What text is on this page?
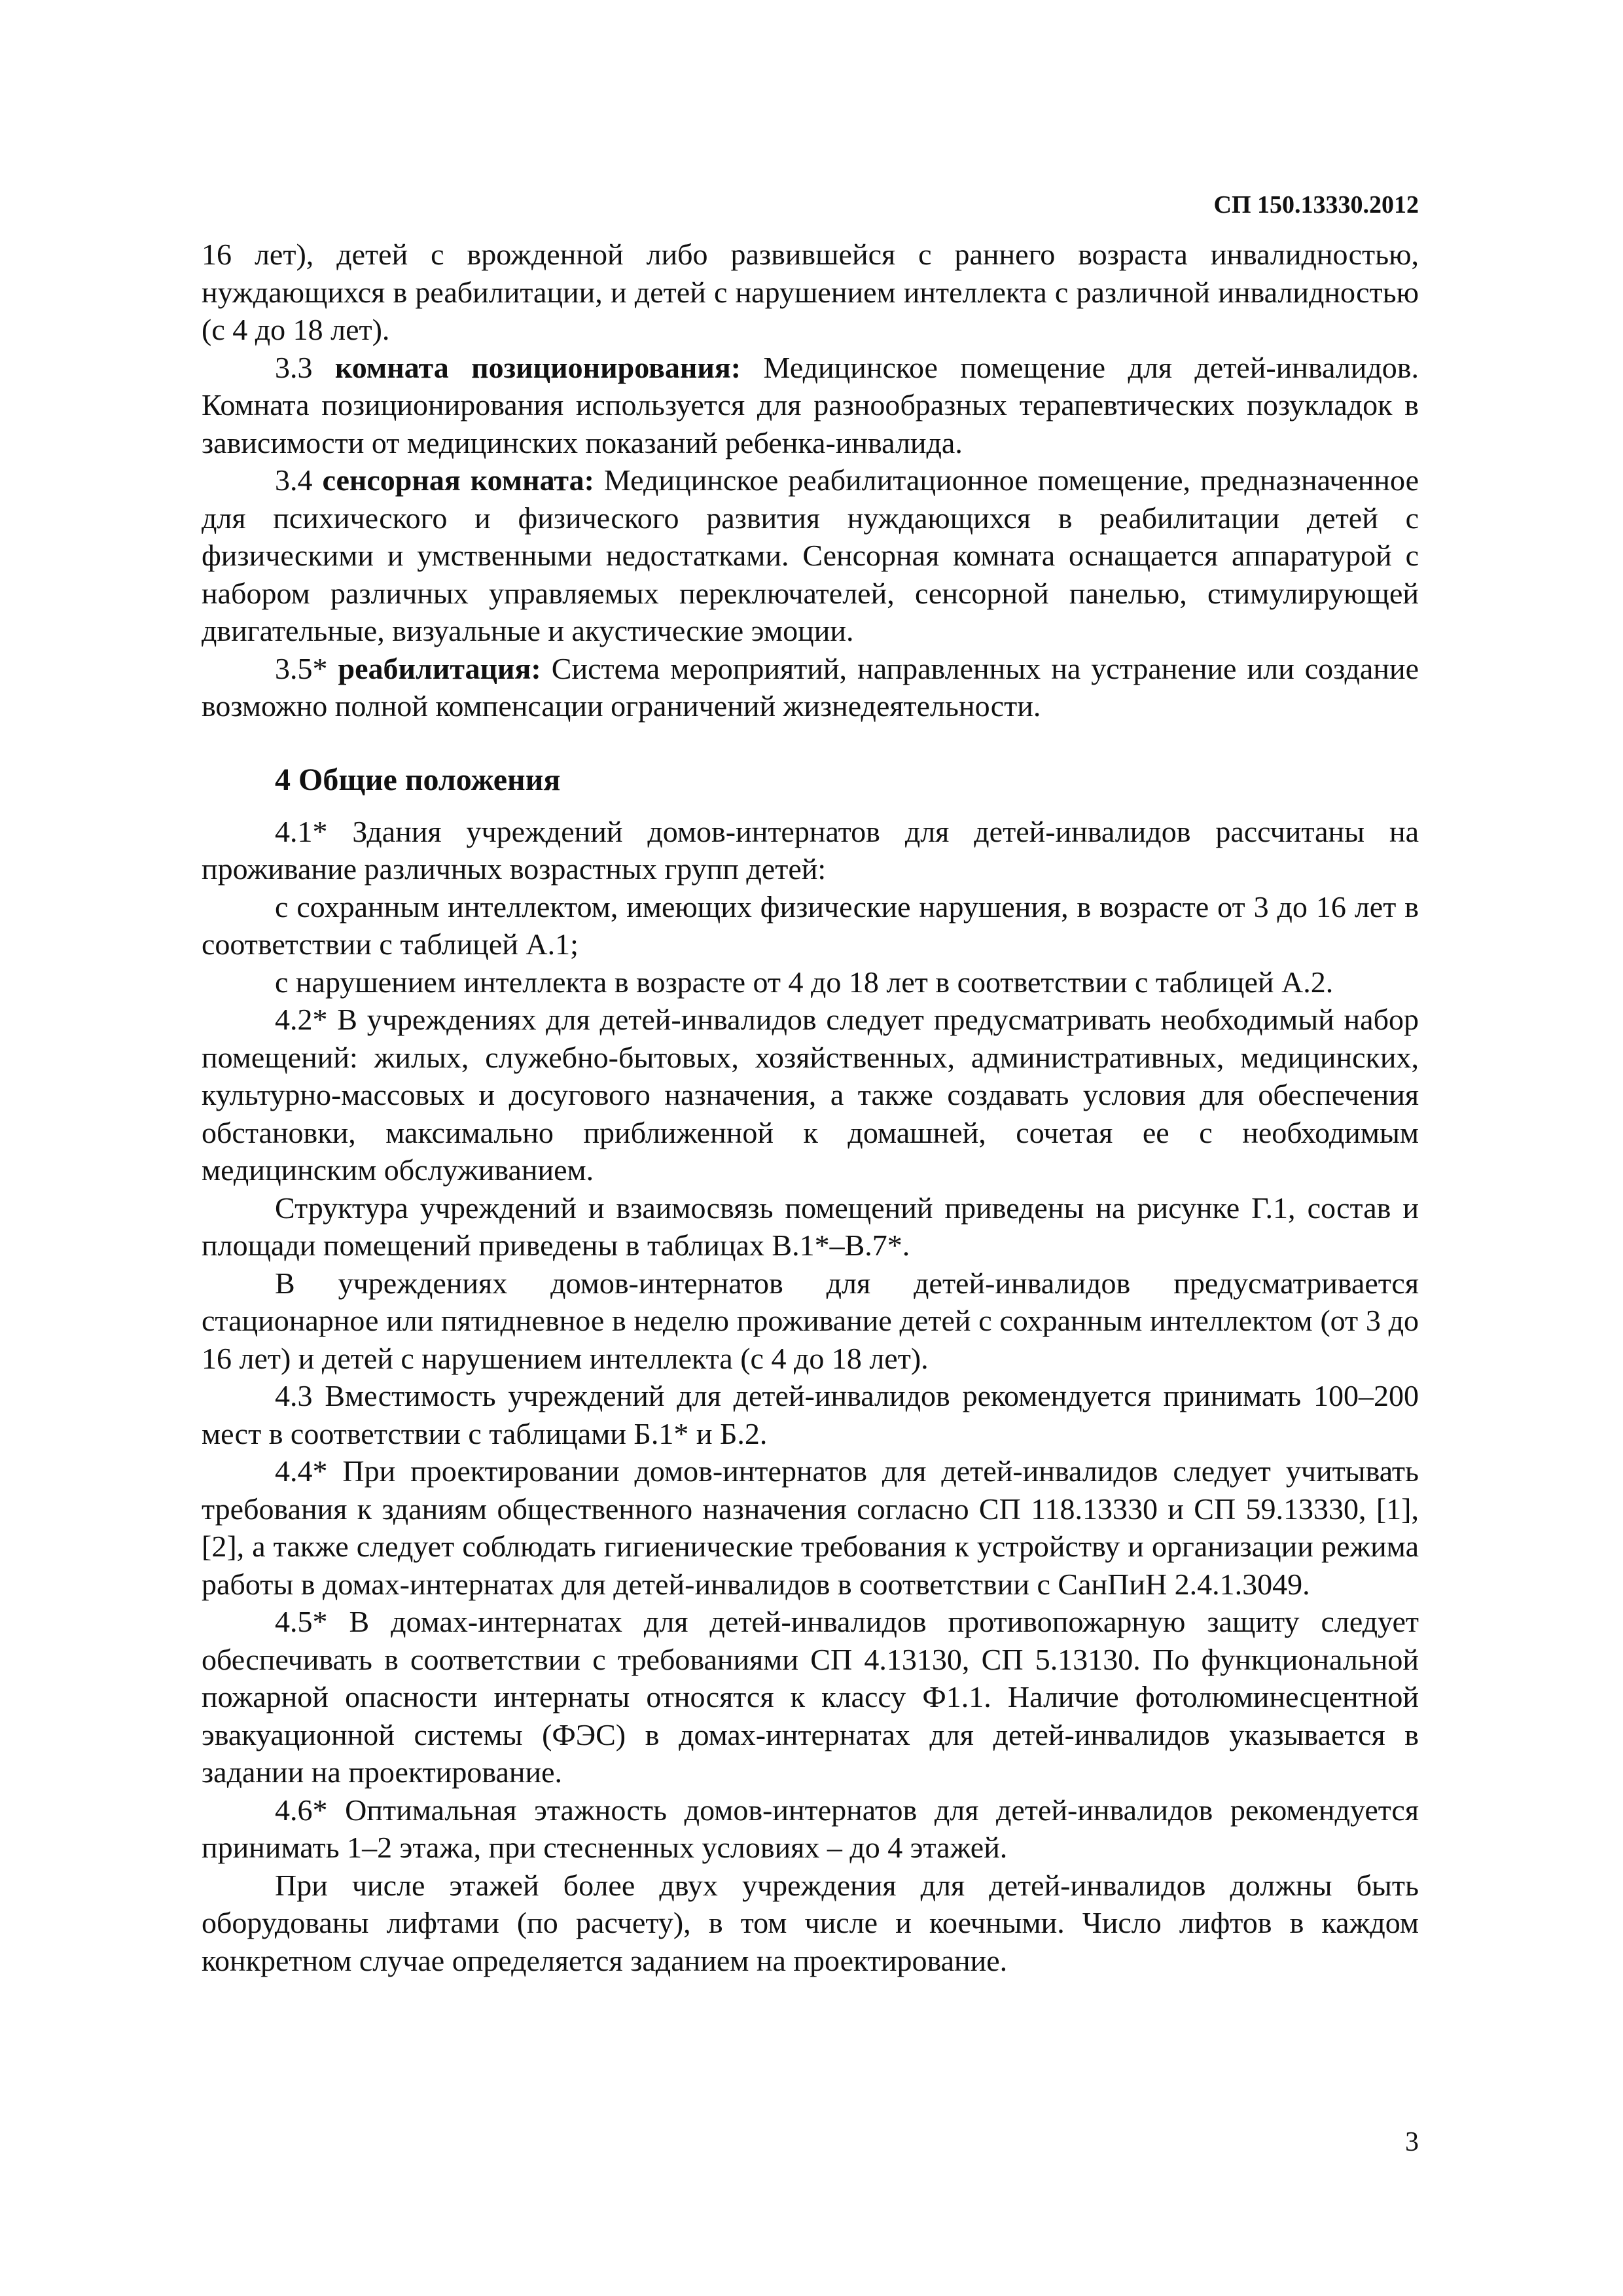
СП 150.13330.2012

16 лет), детей с врожденной либо развившейся с раннего возраста инвалидностью, нуждающихся в реабилитации, и детей с нарушением интеллекта с различной инвалидностью (с 4 до 18 лет).

3.3 комната позиционирования: Медицинское помещение для детей-инвалидов. Комната позиционирования используется для разнообразных терапевтических позукладок в зависимости от медицинских показаний ребенка-инвалида.

3.4 сенсорная комната: Медицинское реабилитационное помещение, предназначенное для психического и физического развития нуждающихся в реабилитации детей с физическими и умственными недостатками. Сенсорная комната оснащается аппаратурой с набором различных управляемых переключателей, сенсорной панелью, стимулирующей двигательные, визуальные и акустические эмоции.

3.5* реабилитация: Система мероприятий, направленных на устранение или создание возможно полной компенсации ограничений жизнедеятельности.

4 Общие положения

4.1* Здания учреждений домов-интернатов для детей-инвалидов рассчитаны на проживание различных возрастных групп детей:

с сохранным интеллектом, имеющих физические нарушения, в возрасте от 3 до 16 лет в соответствии с таблицей А.1;

с нарушением интеллекта в возрасте от 4 до 18 лет в соответствии с таблицей А.2.

4.2* В учреждениях для детей-инвалидов следует предусматривать необходимый набор помещений: жилых, служебно-бытовых, хозяйственных, административных, медицинских, культурно-массовых и досугового назначения, а также создавать условия для обеспечения обстановки, максимально приближенной к домашней, сочетая ее с необходимым медицинским обслуживанием.

Структура учреждений и взаимосвязь помещений приведены на рисунке Г.1, состав и площади помещений приведены в таблицах В.1*–В.7*.

В учреждениях домов-интернатов для детей-инвалидов предусматривается стационарное или пятидневное в неделю проживание детей с сохранным интеллектом (от 3 до 16 лет) и детей с нарушением интеллекта (с 4 до 18 лет).

4.3 Вместимость учреждений для детей-инвалидов рекомендуется принимать 100–200 мест в соответствии с таблицами Б.1* и Б.2.

4.4* При проектировании домов-интернатов для детей-инвалидов следует учитывать требования к зданиям общественного назначения согласно СП 118.13330 и СП 59.13330, [1], [2], а также следует соблюдать гигиенические требования к устройству и организации режима работы в домах-интернатах для детей-инвалидов в соответствии с СанПиН 2.4.1.3049.

4.5* В домах-интернатах для детей-инвалидов противопожарную защиту следует обеспечивать в соответствии с требованиями СП 4.13130, СП 5.13130. По функциональной пожарной опасности интернаты относятся к классу Ф1.1. Наличие фотолюминесцентной эвакуационной системы (ФЭС) в домах-интернатах для детей-инвалидов указывается в задании на проектирование.

4.6* Оптимальная этажность домов-интернатов для детей-инвалидов рекомендуется принимать 1–2 этажа, при стесненных условиях – до 4 этажей.

При числе этажей более двух учреждения для детей-инвалидов должны быть оборудованы лифтами (по расчету), в том числе и коечными. Число лифтов в каждом конкретном случае определяется заданием на проектирование.

3
